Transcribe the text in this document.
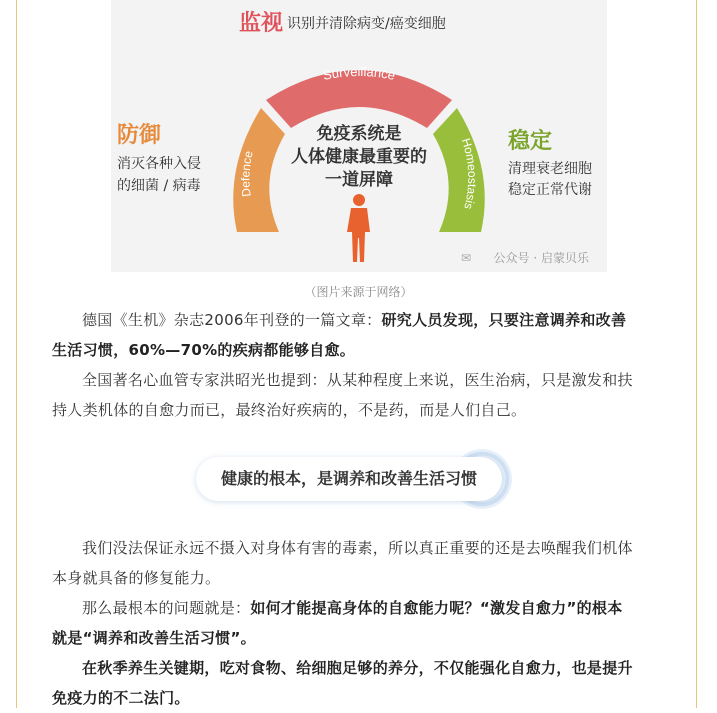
Surveillance
Defence
Homeostasis
监视 识别并清除病变/癌变细胞
防御
消灭各种入侵
的细菌 / 病毒
稳定
清理衰老细胞
稳定正常代谢
免疫系统是
人体健康最重要的
一道屏障
公众号 · 启蒙贝乐
✉
（图片来源于网络）
德国《生机》杂志2006年刊登的一篇文章：研究人员发现，只要注意调养和改善
生活习惯，60%—70%的疾病都能够自愈。
全国著名心血管专家洪昭光也提到：从某种程度上来说，医生治病，只是激发和扶
持人类机体的自愈力而已，最终治好疾病的，不是药，而是人们自己。
健康的根本，是调养和改善生活习惯
我们没法保证永远不摄入对身体有害的毒素，所以真正重要的还是去唤醒我们机体
本身就具备的修复能力。
那么最根本的问题就是：如何才能提高身体的自愈能力呢？“激发自愈力”的根本
就是“调养和改善生活习惯”。
在秋季养生关键期，吃对食物、给细胞足够的养分，不仅能强化自愈力，也是提升
免疫力的不二法门。
